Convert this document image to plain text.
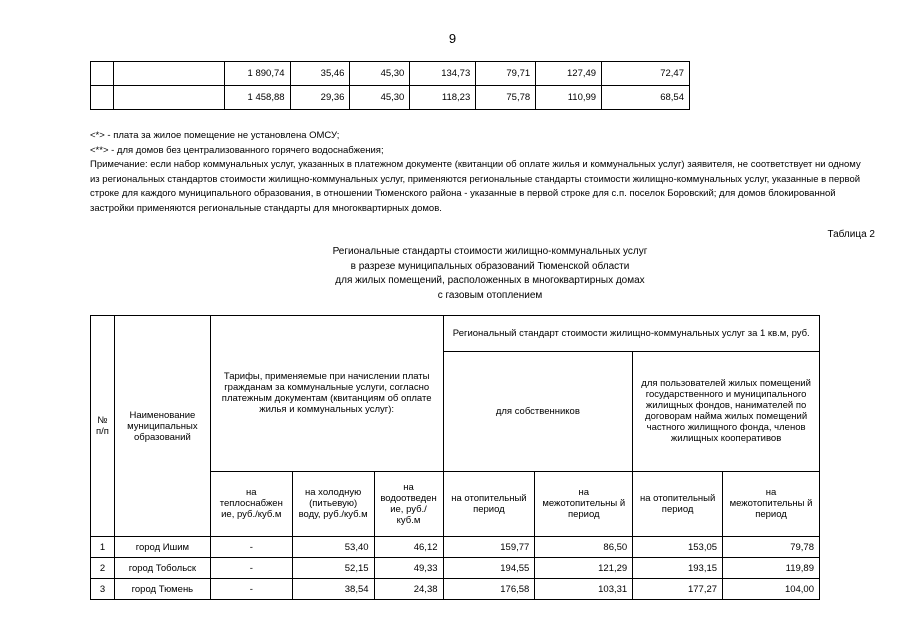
9
		1 890,74	35,46	45,30	134,73	79,71	127,49	72,47
		1 458,88	29,36	45,30	118,23	75,78	110,99	68,54

<*> - плата за жилое помещение не установлена ОМСУ;

<**> - для домов без централизованного горячего водоснабжения;

Примечание: если набор коммунальных услуг, указанных в платежном документе (квитанции об оплате жилья и коммунальных услуг) заявителя, не соответствует ни одному из региональных стандартов стоимости жилищно-коммунальных услуг, применяются региональные стандарты стоимости жилищно-коммунальных услуг, указанные в первой строке для каждого муниципального образования, в отношении Тюменского района - указанные в первой строке для с.п. поселок Боровский; для домов блокированной застройки применяются региональные стандарты для многоквартирных домов.

Таблица 2
Региональные стандарты стоимости жилищно-коммунальных услуг
в разрезе муниципальных образований Тюменской области
для жилых помещений, расположенных в многоквартирных домах
с газовым отоплением
№ п/п	Наименование муниципальных образований	Тарифы, применяемые при начислении платы гражданам за коммунальные услуги, согласно платежным документам (квитанциям об оплате жилья и коммунальных услуг):			Региональный стандарт стоимости жилищно-коммунальных услуг за 1 кв.м, руб.			
					для собственников		для пользователей жилых помещений государственного и муниципального жилищных фондов, нанимателей по договорам найма жилых помещений частного жилищного фонда, членов жилищных кооперативов	
		на теплоснабжен ие, руб./куб.м	на холодную (питьевую) воду, руб./куб.м	на водоотведен ие, руб./куб.м	на отопительный период	на межотопительны й период	на отопительный период	на межотопительны й период
1	город Ишим	-	53,40	46,12	159,77	86,50	153,05	79,78
2	город Тобольск	-	52,15	49,33	194,55	121,29	193,15	119,89
3	город Тюмень	-	38,54	24,38	176,58	103,31	177,27	104,00
